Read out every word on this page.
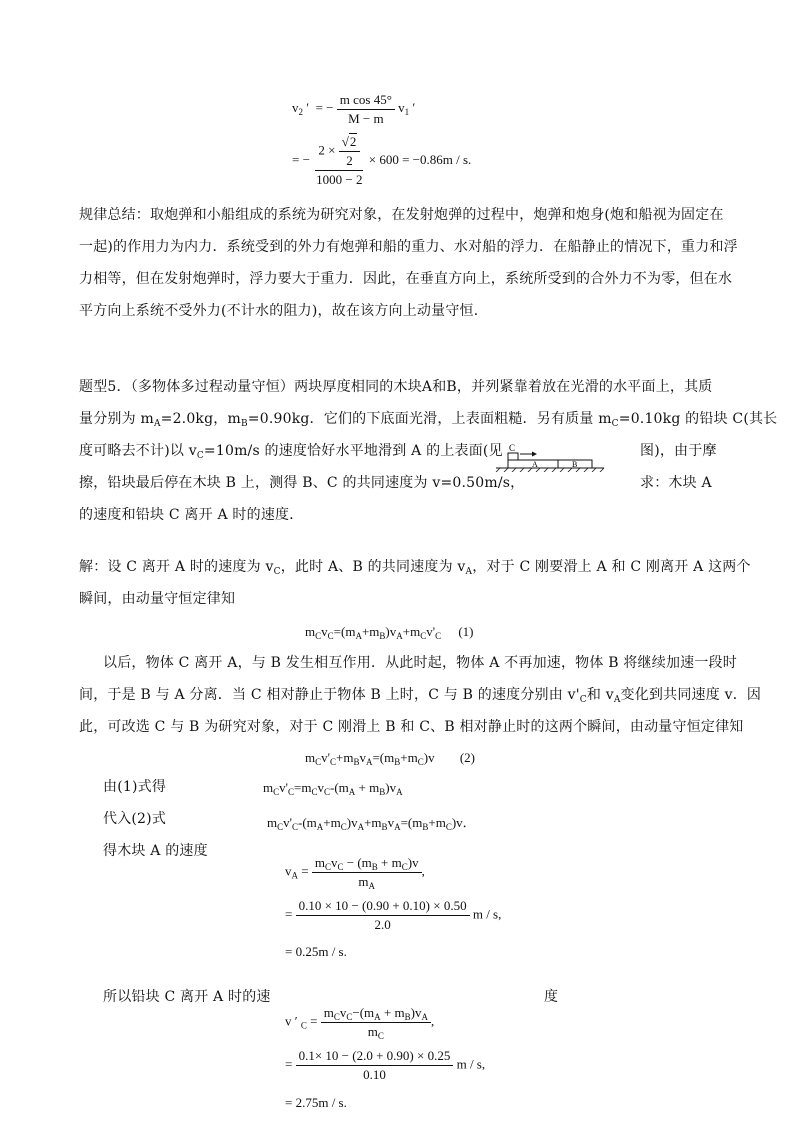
$v_2$ ′  = − $\frac{\text{m cos 45°}}{M - m} v_1$ ′
= − $\frac{2 \times \frac{√2}{2}}{1000 - 2} \times 600 = -0.86m / s$.
规律总结：取炮弹和小船组成的系统为研究对象，在发射炮弹的过程中，炮弹和炮身(炮和船视为固定在
一起)的作用力为内力．系统受到的外力有炮弹和船的重力、水对船的浮力．在船静止的情况下，重力和浮
力相等，但在发射炮弹时，浮力要大于重力．因此，在垂直方向上，系统所受到的合外力不为零，但在水
平方向上系统不受外力(不计水的阻力)，故在该方向上动量守恒．
题型5．（多物体多过程动量守恒）两块厚度相同的木块A和B，并列紧靠着放在光滑的水平面上，其质
量分别为 $m_A=2.0kg$，$m_B=0.90kg$．它们的下底面光滑，上表面粗糙．另有质量 $m_C=0.10kg$ 的铅块 C(其长
度可略去不计)以 $v_C=10m/s$ 的速度恰好水平地滑到 A 的上表面(见	图)，由于摩
擦，铅块最后停在木块 B 上，测得 B、C 的共同速度为 v=0.50m/s，	求：木块 A
的速度和铅块 C 离开 A 时的速度．
C
A	B
解：设 C 离开 A 时的速度为 $v_C$，此时 A、B 的共同速度为 $v_A$，对于 C 刚要滑上 A 和 C 刚离开 A 这两个
瞬间，由动量守恒定律知
$m_Cv_C=(m_A+m_B)v_A+m_Cv'_C$ (1)
以后，物体 C 离开 A，与 B 发生相互作用．从此时起，物体 A 不再加速，物体 B 将继续加速一段时
间，于是 B 与 A 分离．当 C 相对静止于物体 B 上时，C 与 B 的速度分别由 $v'_C$和 $v_A$变化到共同速度 v．因
此，可改选 C 与 B 为研究对象，对于 C 刚滑上 B 和 C、B 相对静止时的这两个瞬间，由动量守恒定律知
$m_Cv'_C+m_Bv_A=(m_B+m_C)v$ (2)
由(1)式得	$m_Cv'_C=m_Cv_C-(m_A + m_B)v_A$
代入(2)式	$m_Cv'_C-(m_A+m_C)v_A+m_Bv_A=(m_B+m_C)v$．
得木块 A 的速度
$v_A = \frac{m_Cv_C - (m_B + m_C)v}{m_A}$ ,
= $\frac{0.10 \times 10 - (0.90 + 0.10) \times 0.50}{2.0}$ m / s,
= 0.25m / s.
所以铅块 C 离开 A 时的速	度
v ′ $_C = \frac{m_Cv_C-(m_A + m_B)v_A}{m_C}$ ,
= $\frac{0.1\times 10 - (2.0 + 0.90) \times 0.25}{0.10}$ m / s,
= 2.75m / s.
